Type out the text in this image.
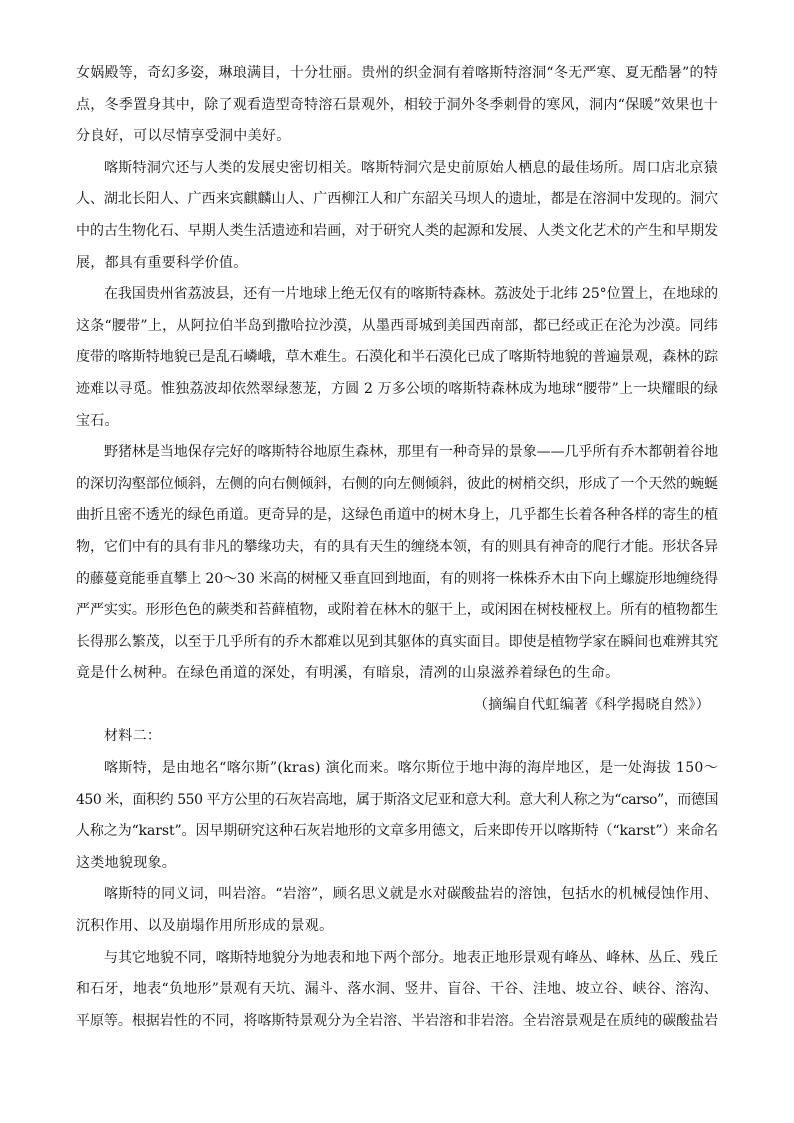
女娲殿等，奇幻多姿，琳琅满目，十分壮丽。贵州的织金洞有着喀斯特溶洞“冬无严寒、夏无酷暑”的特
点，冬季置身其中，除了观看造型奇特溶石景观外，相较于洞外冬季刺骨的寒风，洞内“保暖”效果也十
分良好，可以尽情享受洞中美好。
喀斯特洞穴还与人类的发展史密切相关。喀斯特洞穴是史前原始人栖息的最佳场所。周口店北京猿
人、湖北长阳人、广西来宾麒麟山人、广西柳江人和广东韶关马坝人的遗址，都是在溶洞中发现的。洞穴
中的古生物化石、早期人类生活遗迹和岩画，对于研究人类的起源和发展、人类文化艺术的产生和早期发
展，都具有重要科学价值。
在我国贵州省荔波县，还有一片地球上绝无仅有的喀斯特森林。荔波处于北纬 25°位置上，在地球的
这条“腰带”上，从阿拉伯半岛到撒哈拉沙漠，从墨西哥城到美国西南部，都已经或正在沦为沙漠。同纬
度带的喀斯特地貌已是乱石嶙峨，草木难生。石漠化和半石漠化已成了喀斯特地貌的普遍景观，森林的踪
迹难以寻觅。惟独荔波却依然翠绿葱茏，方圆 2 万多公顷的喀斯特森林成为地球“腰带”上一块耀眼的绿
宝石。
野猪林是当地保存完好的喀斯特谷地原生森林，那里有一种奇异的景象——几乎所有乔木都朝着谷地
的深切沟壑部位倾斜，左侧的向右侧倾斜，右侧的向左侧倾斜，彼此的树梢交织，形成了一个天然的蜿蜒
曲折且密不透光的绿色甬道。更奇异的是，这绿色甬道中的树木身上，几乎都生长着各种各样的寄生的植
物，它们中有的具有非凡的攀缘功夫，有的具有天生的缠绕本领，有的则具有神奇的爬行才能。形状各异
的藤蔓竟能垂直攀上 20～30 米高的树桠又垂直回到地面，有的则将一株株乔木由下向上螺旋形地缠绕得
严严实实。形形色色的蕨类和苔藓植物，或附着在林木的躯干上，或闲困在树枝桠杈上。所有的植物都生
长得那么繁茂，以至于几乎所有的乔木都难以见到其躯体的真实面目。即使是植物学家在瞬间也难辨其究
竟是什么树种。在绿色甬道的深处，有明溪，有暗泉，清冽的山泉滋养着绿色的生命。
（摘编自代虹编著《科学揭晓自然》）
材料二：
喀斯特，是由地名“喀尔斯”(kras) 演化而来。喀尔斯位于地中海的海岸地区，是一处海拔 150～
450 米，面积约 550 平方公里的石灰岩高地，属于斯洛文尼亚和意大利。意大利人称之为“carso”，而德国
人称之为“karst”。因早期研究这种石灰岩地形的文章多用德文，后来即传开以喀斯特（“karst”）来命名
这类地貌现象。
喀斯特的同义词，叫岩溶。“岩溶”，顾名思义就是水对碳酸盐岩的溶蚀，包括水的机械侵蚀作用、
沉积作用、以及崩塌作用所形成的景观。
与其它地貌不同，喀斯特地貌分为地表和地下两个部分。地表正地形景观有峰丛、峰林、丛丘、残丘
和石牙，地表“负地形”景观有天坑、漏斗、落水洞、竖井、盲谷、干谷、洼地、坡立谷、峡谷、溶沟、
平原等。根据岩性的不同，将喀斯特景观分为全岩溶、半岩溶和非岩溶。全岩溶景观是在质纯的碳酸盐岩
